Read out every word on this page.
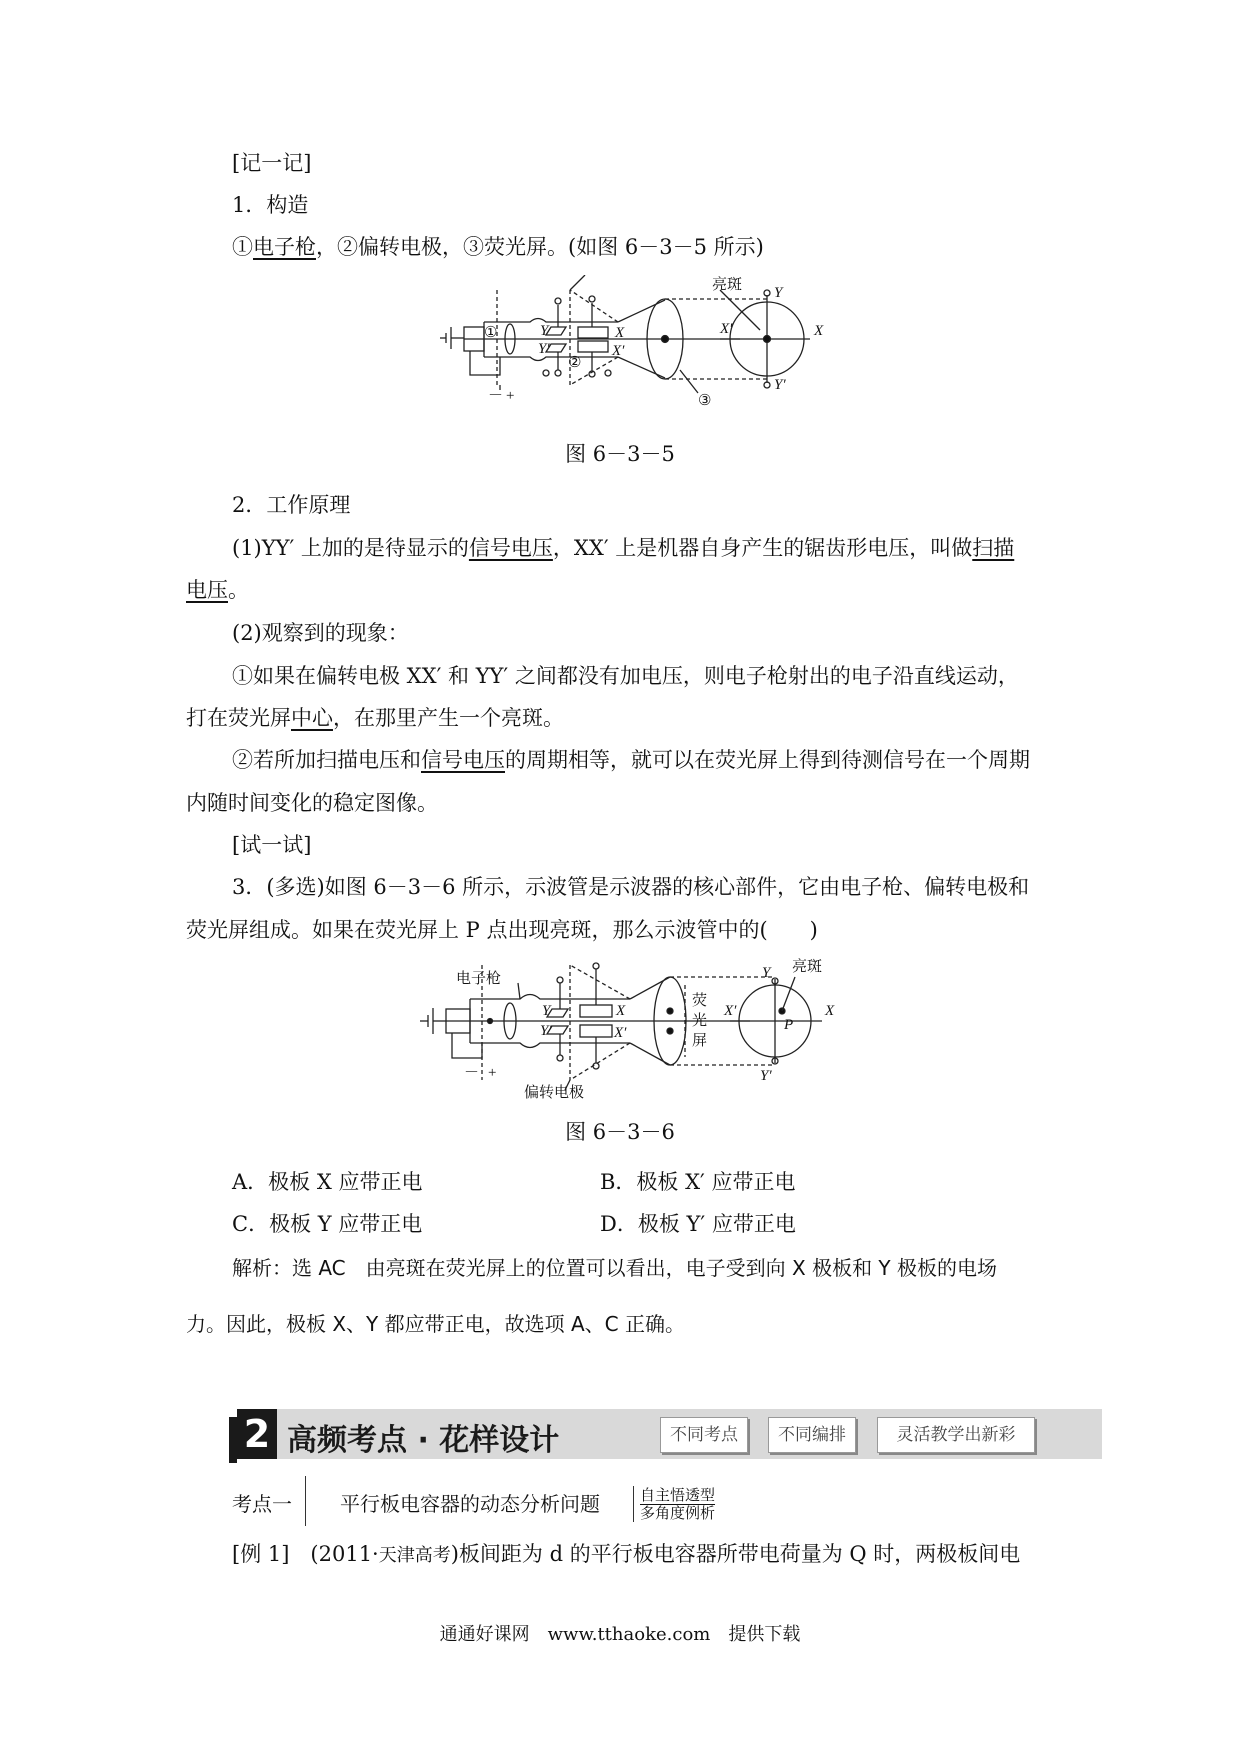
[记一记]
1．构造
①电子枪，②偏转电极，③荧光屏。(如图 6－3－5 所示)
①
②
③
Y
Y′
X
X′
X′	X
Y
Y′
亮斑
－ +
图 6－3－5
2．工作原理
(1)YY′ 上加的是待显示的信号电压，XX′ 上是机器自身产生的锯齿形电压，叫做扫描
电压。
(2)观察到的现象：
①如果在偏转电极 XX′ 和 YY′ 之间都没有加电压，则电子枪射出的电子沿直线运动，
打在荧光屏中心，在那里产生一个亮斑。
②若所加扫描电压和信号电压的周期相等，就可以在荧光屏上得到待测信号在一个周期
内随时间变化的稳定图像。
[试一试]
3．(多选)如图 6－3－6 所示，示波管是示波器的核心部件，它由电子枪、偏转电极和
荧光屏组成。如果在荧光屏上 P 点出现亮斑，那么示波管中的(　　)
电子枪
偏转电极
荧
光
屏
亮斑
Y
Y′
X
X′
X′	X
Y
Y′
P
－ +
图 6－3－6
A．极板 X 应带正电	B．极板 X′ 应带正电
C．极板 Y 应带正电	D．极板 Y′ 应带正电
解析：选 AC　由亮斑在荧光屏上的位置可以看出，电子受到向 X 极板和 Y 极板的电场
力。因此，极板 X、Y 都应带正电，故选项 A、C 正确。
2 高频考点 · 花样设计	不同考点	不同编排	灵活教学出新彩
考点一 平行板电容器的动态分析问题	自主悟透型
多角度例析
[例 1]　(2011·天津高考)板间距为 d 的平行板电容器所带电荷量为 Q 时，两极板间电
通通好课网　www.tthaoke.com　提供下载
